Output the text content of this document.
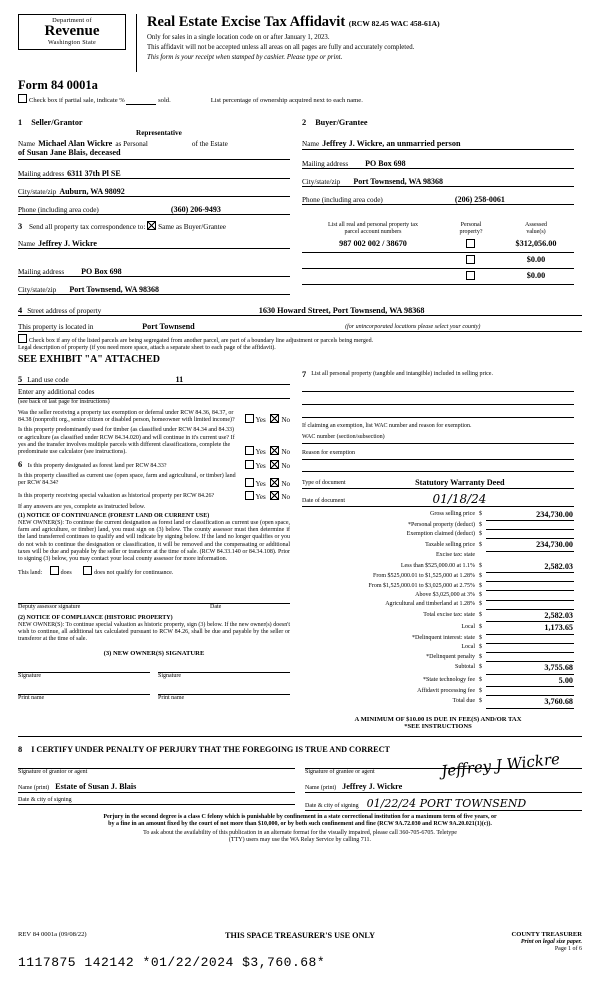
Department of
Revenue
Washington State
Real Estate Excise Tax Affidavit (RCW 82.45 WAC 458-61A)
Only for sales in a single location code on or after January 1, 2023.
This affidavit will not be accepted unless all areas on all pages are fully and accurately completed.
This form is your receipt when stamped by cashier. Please type or print.
Form 84 0001a
Check box if partial sale, indicate %	sold.	List percentage of ownership acquired next to each name.
1 Seller/Grantor
Representative
Name Michael Alan Wickre as Personal	of the Estate
of Susan Jane Blais, deceased
Mailing address 6311 37th Pl SE
City/state/zip Auburn, WA 98092
Phone (including area code)	(360) 206-9493
2 Buyer/Grantee
Name Jeffrey J. Wickre, an unmarried person
Mailing address	PO Box 698
City/state/zip	Port Townsend, WA 98368
Phone (including area code)	(206) 258-0061
3 Send all property tax correspondence to: Same as Buyer/Grantee
Name Jeffrey J. Wickre
Mailing address	PO Box 698
City/state/zip	Port Townsend, WA 98368
List all real and personal property tax
parcel account numbers

Personal
property?

Assessed
value(s)

987 002 002 / 38670		$312,056.00
		$0.00
		$0.00
4 Street address of property	1630 Howard Street, Port Townsend, WA 98368
This property is located in	Port Townsend	(for unincorporated locations please select your county)
Check box if any of the listed parcels are being segregated from another parcel, are part of a boundary line adjustment or parcels being merged.
Legal description of property (if you need more space, attach a separate sheet to each page of the affidavit).
SEE EXHIBIT "A" ATTACHED
5 Land use code	11
Enter any additional codes
(see back of last page for instructions)
Was the seller receiving a property tax exemption or deferral under RCW 84.36, 84.37, or 84.38 (nonprofit org., senior citizen or disabled person, homeowner with limited income)?	Yes No
Is this property predominantly used for timber (as classified under RCW 84.34 and 84.33) or agriculture (as classified under RCW 84.34.020) and will continue in it's current use? If yes and the transfer involves multiple parcels with different classifications, complete the predominate use calculator (see instructions).	Yes No
6 Is this property designated as forest land per RCW 84.33?	Yes No
Is this property classified as current use (open space, farm and agricultural, or timber) land per RCW 84.34?	Yes No
Is this property receiving special valuation as historical property per RCW 84.26?	Yes No
If any answers are yes, complete as instructed below.
(1) NOTICE OF CONTINUANCE (FOREST LAND OR CURRENT USE)
NEW OWNER(S): To continue the current designation as forest land or classification as current use (open space, farm and agriculture, or timber) land, you must sign on (3) below. The county assessor must then determine if the land transferred continues to qualify and will indicate by signing below. If the land no longer qualifies or you do not wish to continue the designation or classification, it will be removed and the compensating or additional taxes will be due and payable by the seller or transferor at the time of sale. (RCW 84.33.140 or 84.34.108). Prior to signing (3) below, you may contact your local county assessor for more information.
This land:	does	does not qualify for continuance.
Deputy assessor signature	Date
(2) NOTICE OF COMPLIANCE (HISTORIC PROPERTY)
NEW OWNER(S): To continue special valuation as historic property, sign (3) below. If the new owner(s) doesn't wish to continue, all additional tax calculated pursuant to RCW 84.26, shall be due and payable by the seller or transferor at the time of sale.
(3) NEW OWNER(S) SIGNATURE
Signature	Signature
Print name	Print name
7 List all personal property (tangible and intangible) included in selling price.
If claiming an exemption, list WAC number and reason for exemption.
WAC number (section/subsection)
Reason for exemption
Type of document	Statutory Warranty Deed
Date of document	01/18/24
Gross selling price	$	234,730.00
*Personal property (deduct)	$	
Exemption claimed (deduct)	$	
Taxable selling price	$	234,730.00
Excise tax: state		
Less than $525,000.00 at 1.1%	$	2,582.03
From $525,000.01 to $1,525,000 at 1.28%	$	
From $1,525,000.01 to $3,025,000 at 2.75%	$	
Above $3,025,000 at 3%	$	
Agricultural and timberland at 1.28%	$	
Total excise tax: state	$	2,582.03
Local	$	1,173.65
*Delinquent interest: state	$	
Local	$	
*Delinquent penalty	$	
Subtotal	$	3,755.68
*State technology fee	$	5.00
Affidavit processing fee	$	
Total due	$	3,760.68
A MINIMUM OF $10.00 IS DUE IN FEE(S) AND/OR TAX
*SEE INSTRUCTIONS
8 I CERTIFY UNDER PENALTY OF PERJURY THAT THE FOREGOING IS TRUE AND CORRECT
Signature of grantor or agent	Jeffrey J Wickre
Signature of grantee or agent
Name (print) Estate of Susan J. Blais	Name (print) Jeffrey J. Wickre
Date & city of signing
Date & city of signing 01/22/24 PORT TOWNSEND
Perjury in the second degree is a class C felony which is punishable by confinement in a state correctional institution for a maximum term of five years, or
by a fine in an amount fixed by the court of not more than $10,000, or by both such confinement and fine (RCW 9A.72.030 and RCW 9A.20.021(1)(c)).
To ask about the availability of this publication in an alternate format for the visually impaired, please call 360-705-6705. Teletype
(TTY) users may use the WA Relay Service by calling 711.
REV 84 0001a (09/08/22)	THIS SPACE TREASURER'S USE ONLY	COUNTY TREASURER
Print on legal size paper.
Page 1 of 6
1117875 142142 *01/22/2024 $3,760.68*
